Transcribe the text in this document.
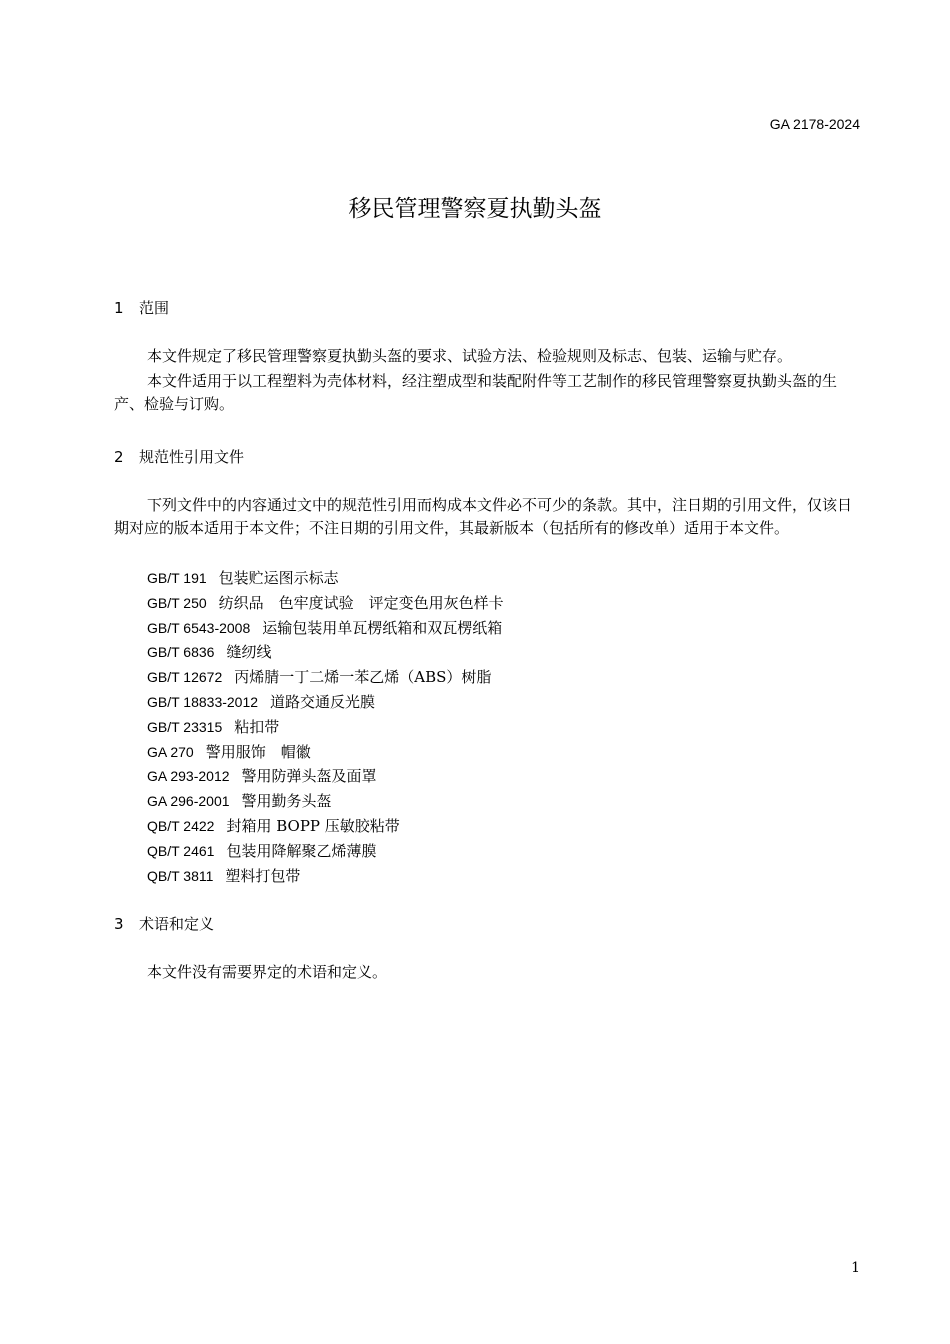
GA 2178-2024
移民管理警察夏执勤头盔
1 范围

本文件规定了移民管理警察夏执勤头盔的要求、试验方法、检验规则及标志、包装、运输与贮存。

本文件适用于以工程塑料为壳体材料，经注塑成型和装配附件等工艺制作的移民管理警察夏执勤头盔的生产、检验与订购。

2 规范性引用文件

下列文件中的内容通过文中的规范性引用而构成本文件必不可少的条款。其中，注日期的引用文件，仅该日期对应的版本适用于本文件；不注日期的引用文件，其最新版本（包括所有的修改单）适用于本文件。

GB/T 191 包装贮运图示标志
GB/T 250 纺织品　色牢度试验　评定变色用灰色样卡
GB/T 6543-2008 运输包装用单瓦楞纸箱和双瓦楞纸箱
GB/T 6836 缝纫线
GB/T 12672 丙烯腈一丁二烯一苯乙烯（ABS）树脂
GB/T 18833-2012 道路交通反光膜
GB/T 23315 粘扣带
GA 270 警用服饰　帽徽
GA 293-2012 警用防弹头盔及面罩
GA 296-2001 警用勤务头盔
QB/T 2422 封箱用 BOPP 压敏胶粘带
QB/T 2461 包装用降解聚乙烯薄膜
QB/T 3811 塑料打包带
3 术语和定义

本文件没有需要界定的术语和定义。

1
